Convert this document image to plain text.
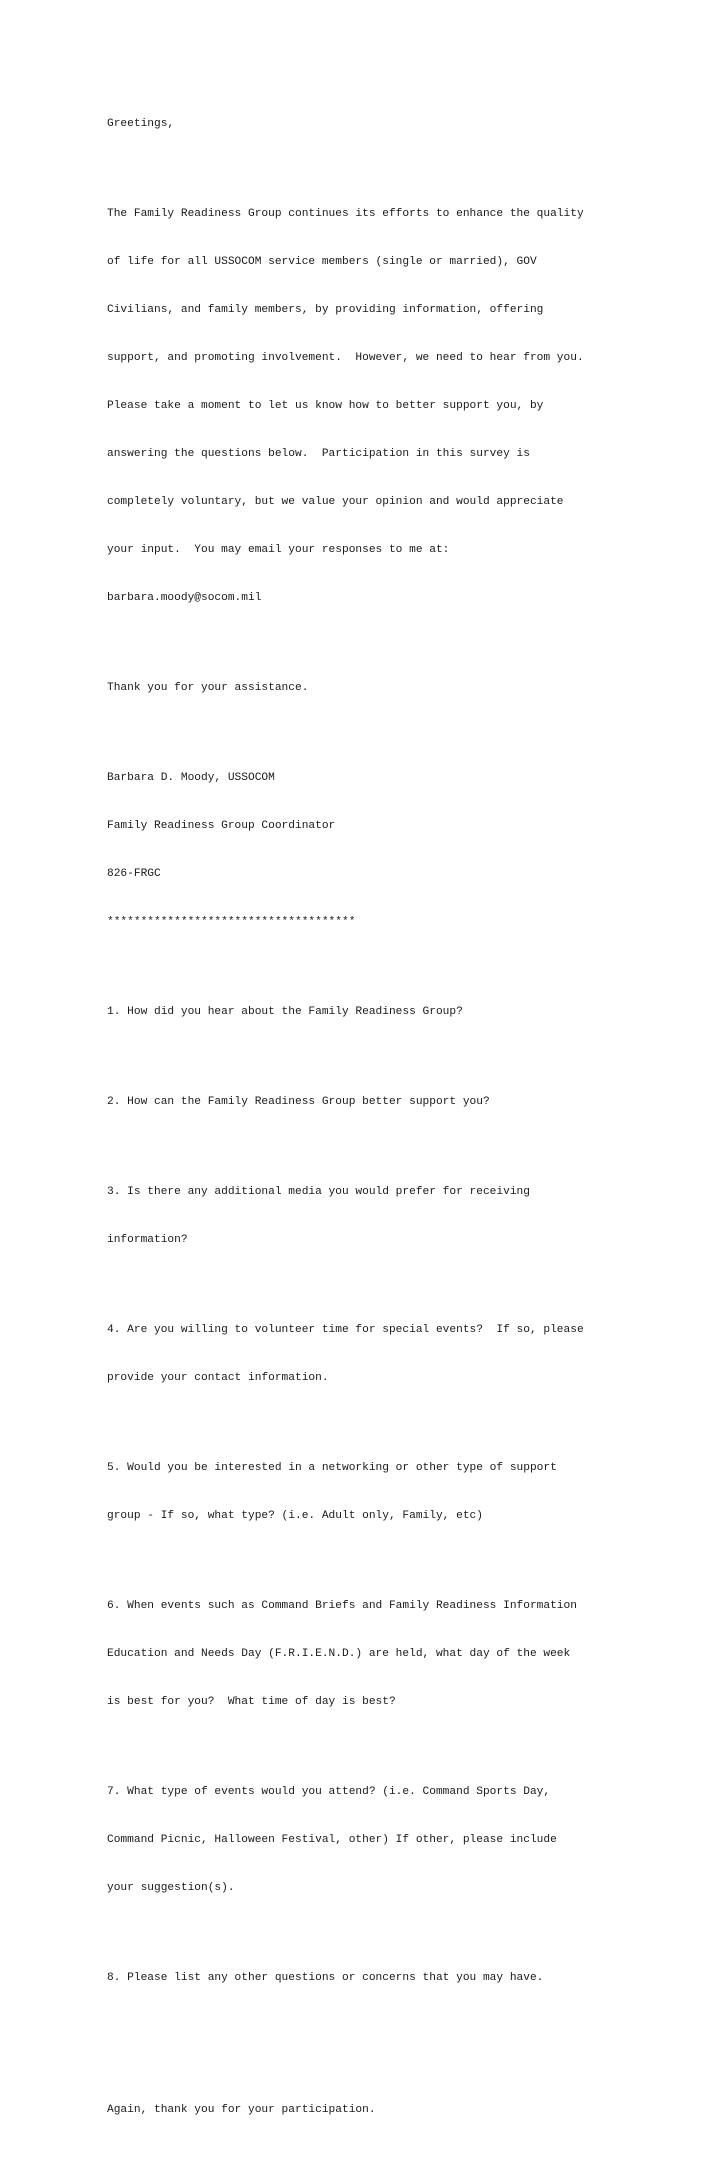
Greetings,

The Family Readiness Group continues its efforts to enhance the quality

of life for all USSOCOM service members (single or married), GOV

Civilians, and family members, by providing information, offering

support, and promoting involvement.  However, we need to hear from you.

Please take a moment to let us know how to better support you, by

answering the questions below.  Participation in this survey is

completely voluntary, but we value your opinion and would appreciate

your input.  You may email your responses to me at:

barbara.moody@socom.mil

Thank you for your assistance.

Barbara D. Moody, USSOCOM

Family Readiness Group Coordinator

826-FRGC

*************************************

1. How did you hear about the Family Readiness Group?

2. How can the Family Readiness Group better support you?

3. Is there any additional media you would prefer for receiving

information?

4. Are you willing to volunteer time for special events?  If so, please

provide your contact information.

5. Would you be interested in a networking or other type of support

group - If so, what type? (i.e. Adult only, Family, etc)

6. When events such as Command Briefs and Family Readiness Information

Education and Needs Day (F.R.I.E.N.D.) are held, what day of the week

is best for you?  What time of day is best?

7. What type of events would you attend? (i.e. Command Sports Day,

Command Picnic, Halloween Festival, other) If other, please include

your suggestion(s).

8. Please list any other questions or concerns that you may have.

Again, thank you for your participation.
